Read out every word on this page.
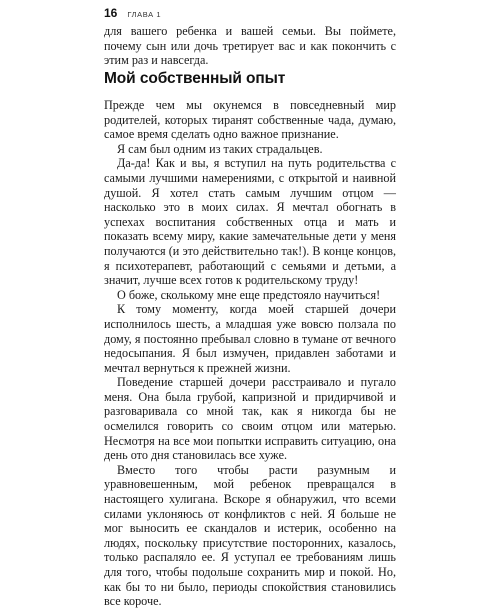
16 ГЛАВА 1

для вашего ребенка и вашей семьи. Вы поймете, почему сын или дочь третирует вас и как покончить с этим раз и навсегда.

Мой собственный опыт

Прежде чем мы окунемся в повседневный мир родителей, которых тиранят собственные чада, думаю, самое время сделать одно важное признание.

Я сам был одним из таких страдальцев.

Да-да! Как и вы, я вступил на путь родительства с самыми лучшими намерениями, с открытой и наивной душой. Я хотел стать самым лучшим отцом — насколько это в моих силах. Я мечтал обогнать в успехах воспитания собственных отца и мать и показать всему миру, какие замечательные дети у меня получаются (и это действительно так!). В конце концов, я психотерапевт, работающий с семьями и детьми, а значит, лучше всех готов к родительскому труду!

О боже, сколькому мне еще предстояло научиться!

К тому моменту, когда моей старшей дочери исполнилось шесть, а младшая уже вовсю ползала по дому, я постоянно пребывал словно в тумане от вечного недосыпания. Я был измучен, придавлен заботами и мечтал вернуться к прежней жизни.

Поведение старшей дочери расстраивало и пугало меня. Она была грубой, капризной и придирчивой и разговаривала со мной так, как я никогда бы не осмелился говорить со своим отцом или матерью. Несмотря на все мои попытки исправить ситуацию, она день ото дня становилась все хуже.

Вместо того чтобы расти разумным и уравновешенным, мой ребенок превращался в настоящего хулигана. Вскоре я обнаружил, что всеми силами уклоняюсь от конфликтов с ней. Я больше не мог выносить ее скандалов и истерик, особенно на людях, поскольку присутствие посторонних, казалось, только распаляло ее. Я уступал ее требованиям лишь для того, чтобы подольше сохранить мир и покой. Но, как бы то ни было, периоды спокойствия становились все короче.
